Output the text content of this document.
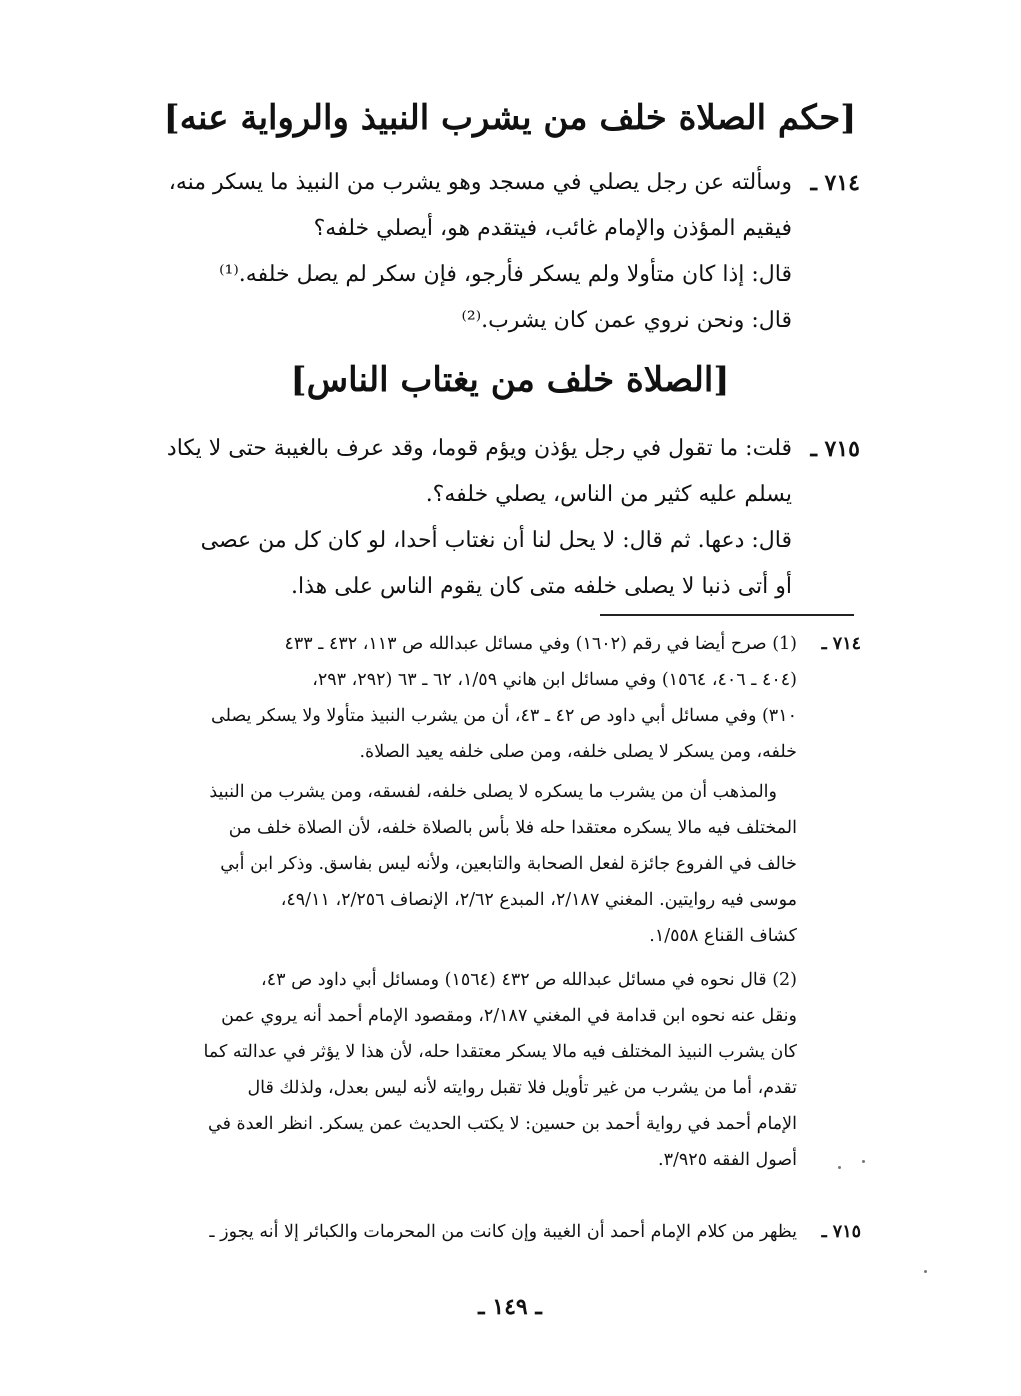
[حكم الصلاة خلف من يشرب النبيذ والرواية عنه]
٧١٤ ـ
وسألته عن رجل يصلي في مسجد وهو يشرب من النبيذ ما يسكر منه،
فيقيم المؤذن والإمام غائب، فيتقدم هو، أيصلي خلفه؟
قال: إذا كان متأولا ولم يسكر فأرجو، فإن سكر لم يصل خلفه.⁽¹⁾
قال: ونحن نروي عمن كان يشرب.⁽²⁾
[الصلاة خلف من يغتاب الناس]
٧١٥ ـ
قلت: ما تقول في رجل يؤذن ويؤم قوما، وقد عرف بالغيبة حتى لا يكاد
يسلم عليه كثير من الناس، يصلي خلفه؟.
قال: دعها. ثم قال: لا يحل لنا أن نغتاب أحدا، لو كان كل من عصى
أو أتى ذنبا لا يصلى خلفه متى كان يقوم الناس على هذا.
٧١٤ ـ
(1) صرح أيضا في رقم (١٦٠٢) وفي مسائل عبدالله ص ١١٣، ٤٣٢ ـ ٤٣٣
(٤٠٤ ـ ٤٠٦، ١٥٦٤) وفي مسائل ابن هاني ١/٥٩، ٦٢ ـ ٦٣ (٢٩٢، ٢٩٣،
٣١٠) وفي مسائل أبي داود ص ٤٢ ـ ٤٣، أن من يشرب النبيذ متأولا ولا يسكر يصلى
خلفه، ومن يسكر لا يصلى خلفه، ومن صلى خلفه يعيد الصلاة.
والمذهب أن من يشرب ما يسكره لا يصلى خلفه، لفسقه، ومن يشرب من النبيذ
المختلف فيه مالا يسكره معتقدا حله فلا بأس بالصلاة خلفه، لأن الصلاة خلف من
خالف في الفروع جائزة لفعل الصحابة والتابعين، ولأنه ليس بفاسق. وذكر ابن أبي
موسى فيه روايتين. المغني ٢/١٨٧، المبدع ٢/٦٢، الإنصاف ٢/٢٥٦، ٤٩/١١،
كشاف القناع ١/٥٥٨.
(2) قال نحوه في مسائل عبدالله ص ٤٣٢ (١٥٦٤) ومسائل أبي داود ص ٤٣،
ونقل عنه نحوه ابن قدامة في المغني ٢/١٨٧، ومقصود الإمام أحمد أنه يروي عمن
كان يشرب النبيذ المختلف فيه مالا يسكر معتقدا حله، لأن هذا لا يؤثر في عدالته كما
تقدم، أما من يشرب من غير تأويل فلا تقبل روايته لأنه ليس بعدل، ولذلك قال
الإمام أحمد في رواية أحمد بن حسين: لا يكتب الحديث عمن يسكر. انظر العدة في
أصول الفقه ٣/٩٢٥.
٧١٥ ـ
يظهر من كلام الإمام أحمد أن الغيبة وإن كانت من المحرمات والكبائر إلا أنه يجوز ـ
ـ ١٤٩ ـ
